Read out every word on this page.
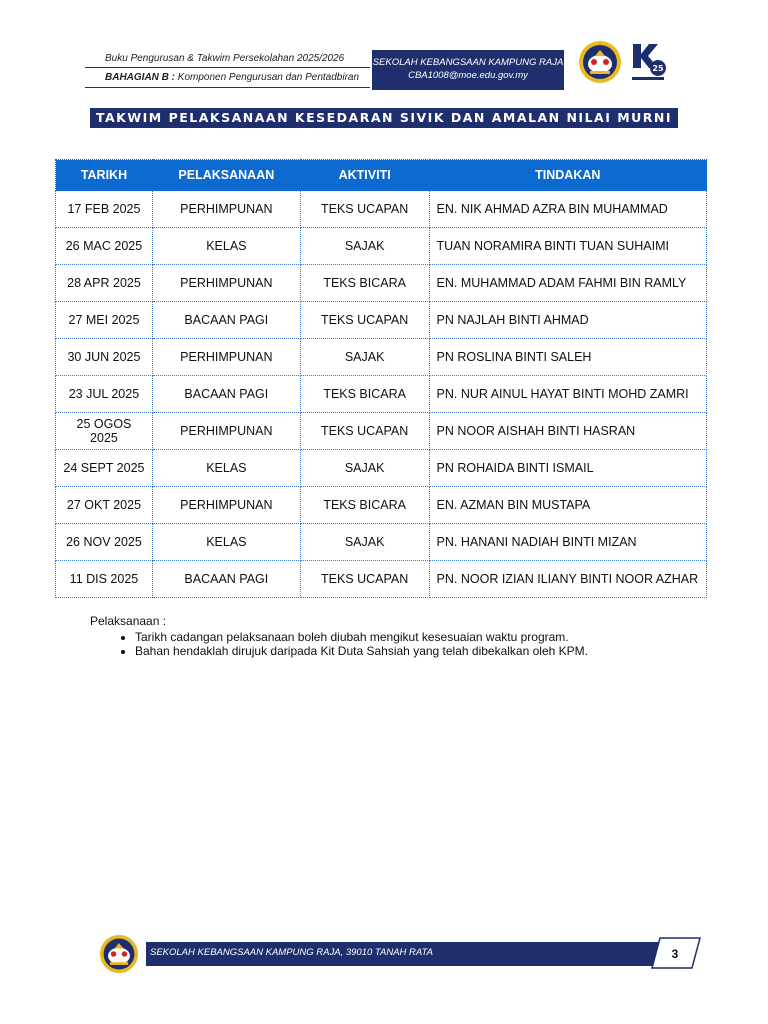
Buku Pengurusan & Takwim Persekolahan 2025/2026
BAHAGIAN B : Komponen Pengurusan dan Pentadbiran
SEKOLAH KEBANGSAAN KAMPUNG RAJA
CBA1008@moe.edu.gov.my
25
TAKWIM PELAKSANAAN KESEDARAN SIVIK DAN AMALAN NILAI MURNI
TARIKH	PELAKSANAAN	AKTIVITI	TINDAKAN
17 FEB 2025	PERHIMPUNAN	TEKS UCAPAN	EN. NIK AHMAD AZRA BIN MUHAMMAD
26 MAC 2025	KELAS	SAJAK	TUAN NORAMIRA BINTI TUAN SUHAIMI
28 APR 2025	PERHIMPUNAN	TEKS BICARA	EN. MUHAMMAD ADAM FAHMI BIN RAMLY
27 MEI 2025	BACAAN PAGI	TEKS UCAPAN	PN NAJLAH BINTI AHMAD
30 JUN 2025	PERHIMPUNAN	SAJAK	PN ROSLINA BINTI SALEH
23 JUL 2025	BACAAN PAGI	TEKS BICARA	PN. NUR AINUL HAYAT BINTI MOHD ZAMRI
25 OGOS 2025	PERHIMPUNAN	TEKS UCAPAN	PN NOOR AISHAH BINTI HASRAN
24 SEPT 2025	KELAS	SAJAK	PN ROHAIDA BINTI ISMAIL
27 OKT 2025	PERHIMPUNAN	TEKS BICARA	EN. AZMAN BIN MUSTAPA
26 NOV 2025	KELAS	SAJAK	PN. HANANI NADIAH BINTI MIZAN
11 DIS 2025	BACAAN PAGI	TEKS UCAPAN	PN. NOOR IZIAN ILIANY BINTI NOOR AZHAR
Pelaksanaan :
• Tarikh cadangan pelaksanaan boleh diubah mengikut kesesuaian waktu program.
• Bahan hendaklah dirujuk daripada Kit Duta Sahsiah yang telah dibekalkan oleh KPM.
SEKOLAH KEBANGSAAN KAMPUNG RAJA, 39010 TANAH RATA	3
